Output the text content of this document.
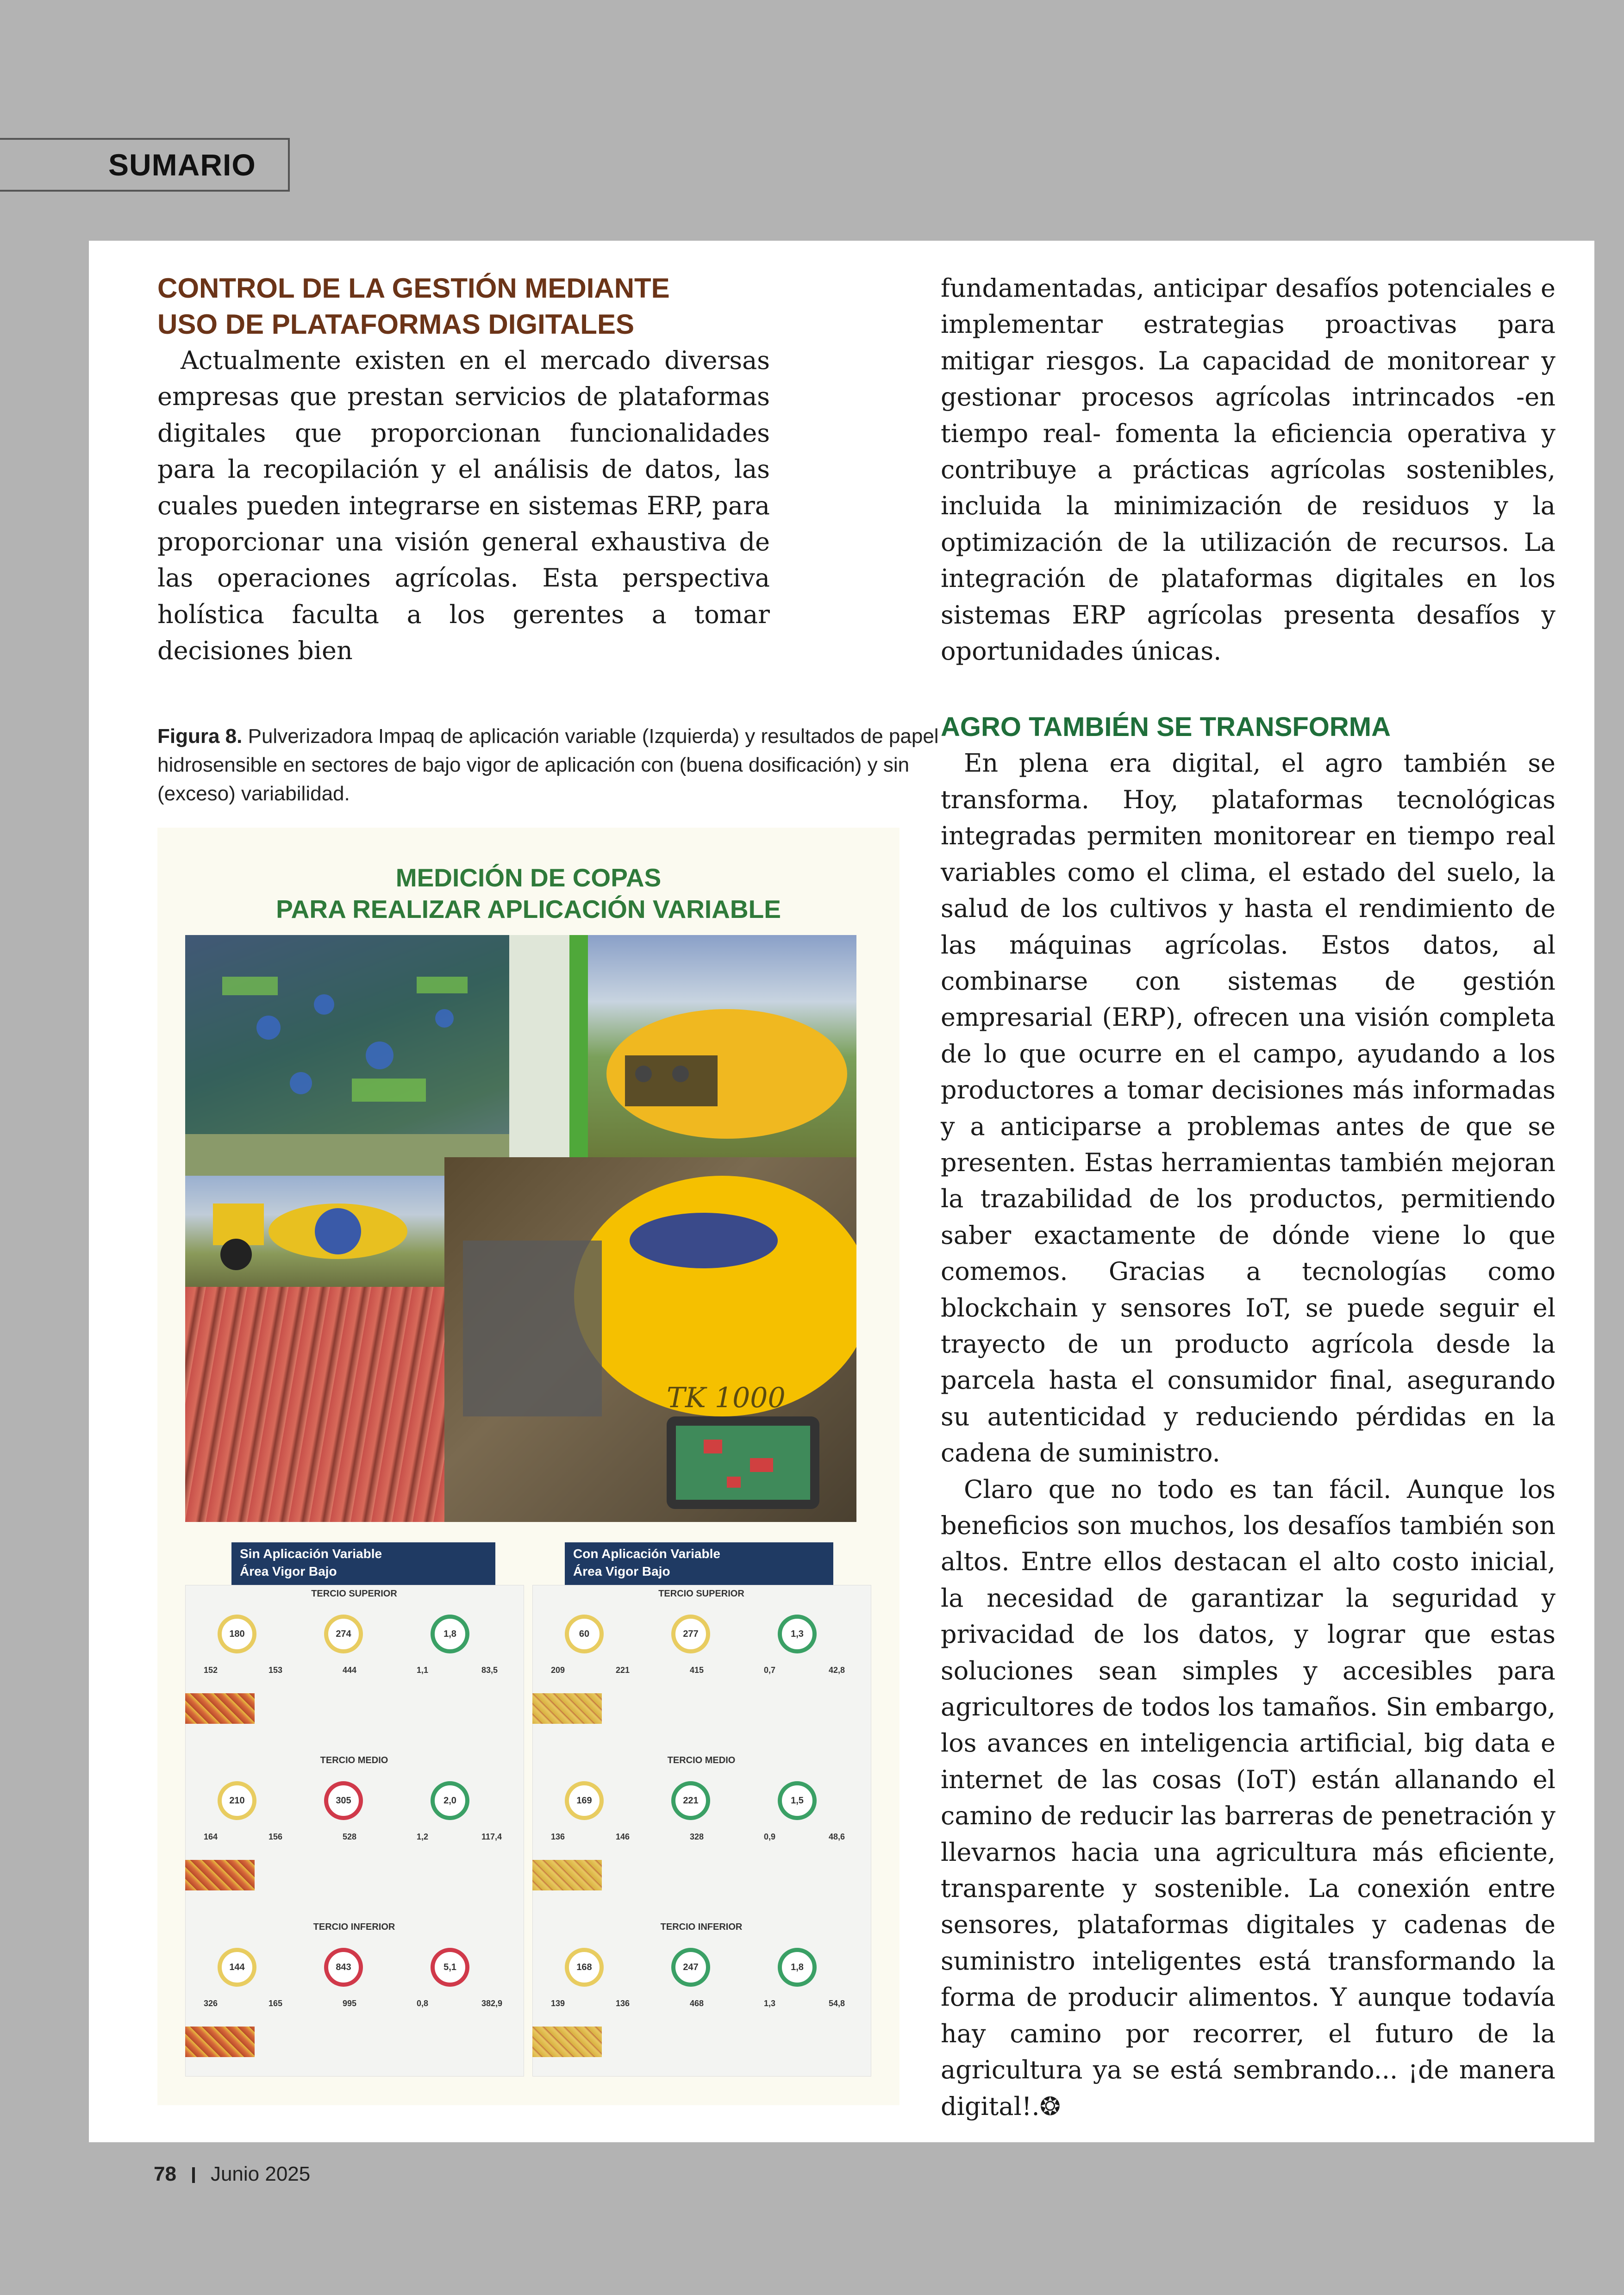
SUMARIO
CONTROL DE LA GESTIÓN MEDIANTE
USO DE PLATAFORMAS DIGITALES

Actualmente existen en el mercado diversas empresas que prestan servicios de plataformas digitales que proporcionan funcionalidades para la recopilación y el análisis de datos, las cuales pueden integrarse en sistemas ERP, para proporcionar una visión general exhaustiva de las operaciones agrícolas. Esta perspectiva holística faculta a los gerentes a tomar decisiones bien

Figura 8. Pulverizadora Impaq de aplicación variable (Izquierda) y resultados de papel hidrosensible en sectores de bajo vigor de aplicación con (buena dosificación) y sin (exceso) variabilidad.
MEDICIÓN DE COPAS
PARA REALIZAR APLICACIÓN VARIABLE
TK 1000
Sin Aplicación Variable
Área Vigor Bajo
Con Aplicación Variable
Área Vigor Bajo
TERCIO SUPERIOR
180	274	1,8
152	153	444	1,1	83,5
TERCIO MEDIO
210	305	2,0
164	156	528	1,2	117,4
TERCIO INFERIOR
144	843	5,1
326	165	995	0,8	382,9
TERCIO SUPERIOR
60	277	1,3
209	221	415	0,7	42,8
TERCIO MEDIO
169	221	1,5
136	146	328	0,9	48,6
TERCIO INFERIOR
168	247	1,8
139	136	468	1,3	54,8

fundamentadas, anticipar desafíos potenciales e implementar estrategias proactivas para mitigar riesgos. La capacidad de monitorear y gestionar procesos agrícolas intrincados -en tiempo real- fomenta la eficiencia operativa y contribuye a prácticas agrícolas sostenibles, incluida la minimización de residuos y la optimización de la utilización de recursos. La integración de plataformas digitales en los sistemas ERP agrícolas presenta desafíos y oportunidades únicas.

AGRO TAMBIÉN SE TRANSFORMA

En plena era digital, el agro también se transforma. Hoy, plataformas tecnológicas integradas permiten monitorear en tiempo real variables como el clima, el estado del suelo, la salud de los cultivos y hasta el rendimiento de las máquinas agrícolas. Estos datos, al combinarse con sistemas de gestión empresarial (ERP), ofrecen una visión completa de lo que ocurre en el campo, ayudando a los productores a tomar decisiones más informadas y a anticiparse a problemas antes de que se presenten. Estas herramientas también mejoran la trazabilidad de los productos, permitiendo saber exactamente de dónde viene lo que comemos. Gracias a tecnologías como blockchain y sensores IoT, se puede seguir el trayecto de un producto agrícola desde la parcela hasta el consumidor final, asegurando su autenticidad y reduciendo pérdidas en la cadena de suministro.

Claro que no todo es tan fácil. Aunque los beneficios son muchos, los desafíos también son altos. Entre ellos destacan el alto costo inicial, la necesidad de garantizar la seguridad y privacidad de los datos, y lograr que estas soluciones sean simples y accesibles para agricultores de todos los tamaños. Sin embargo, los avances en inteligencia artificial, big data e internet de las cosas (IoT) están allanando el camino de reducir las barreras de penetración y llevarnos hacia una agricultura más eficiente, transparente y sostenible. La conexión entre sensores, plataformas digitales y cadenas de suministro inteligentes está transformando la forma de producir alimentos. Y aunque todavía hay camino por recorrer, el futuro de la agricultura ya se está sembrando... ¡de manera digital!.❂

78 Junio 2025
